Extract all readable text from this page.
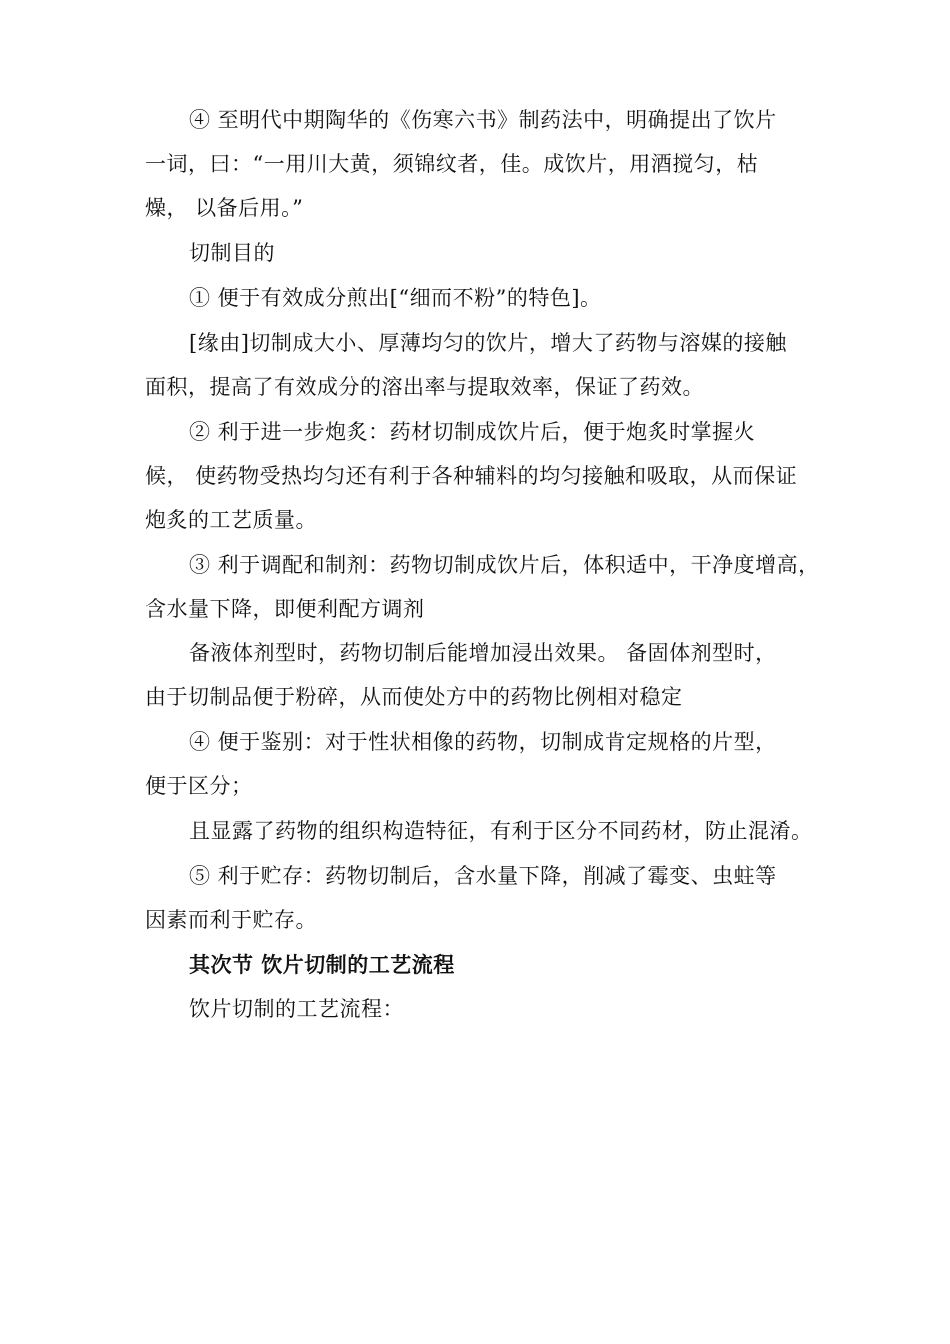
④ 至明代中期陶华的《伤寒六书》制药法中，明确提出了饮片
一词，曰：“一用川大黄，须锦纹者，佳。成饮片，用酒搅匀，枯
燥， 以备后用。”
切制目的
① 便于有效成分煎出[“细而不粉”的特色]。
[缘由]切制成大小、厚薄均匀的饮片，增大了药物与溶媒的接触
面积，提高了有效成分的溶出率与提取效率，保证了药效。
② 利于进一步炮炙：药材切制成饮片后，便于炮炙时掌握火
候， 使药物受热均匀还有利于各种辅料的均匀接触和吸取，从而保证
炮炙的工艺质量。
③ 利于调配和制剂：药物切制成饮片后，体积适中，干净度增高，
含水量下降，即便利配方调剂
备液体剂型时，药物切制后能增加浸出效果。 备固体剂型时，
由于切制品便于粉碎，从而使处方中的药物比例相对稳定
④ 便于鉴别：对于性状相像的药物，切制成肯定规格的片型，
便于区分；
且显露了药物的组织构造特征，有利于区分不同药材，防止混淆。
⑤ 利于贮存：药物切制后，含水量下降，削减了霉变、虫蛀等
因素而利于贮存。
其次节 饮片切制的工艺流程
饮片切制的工艺流程：
